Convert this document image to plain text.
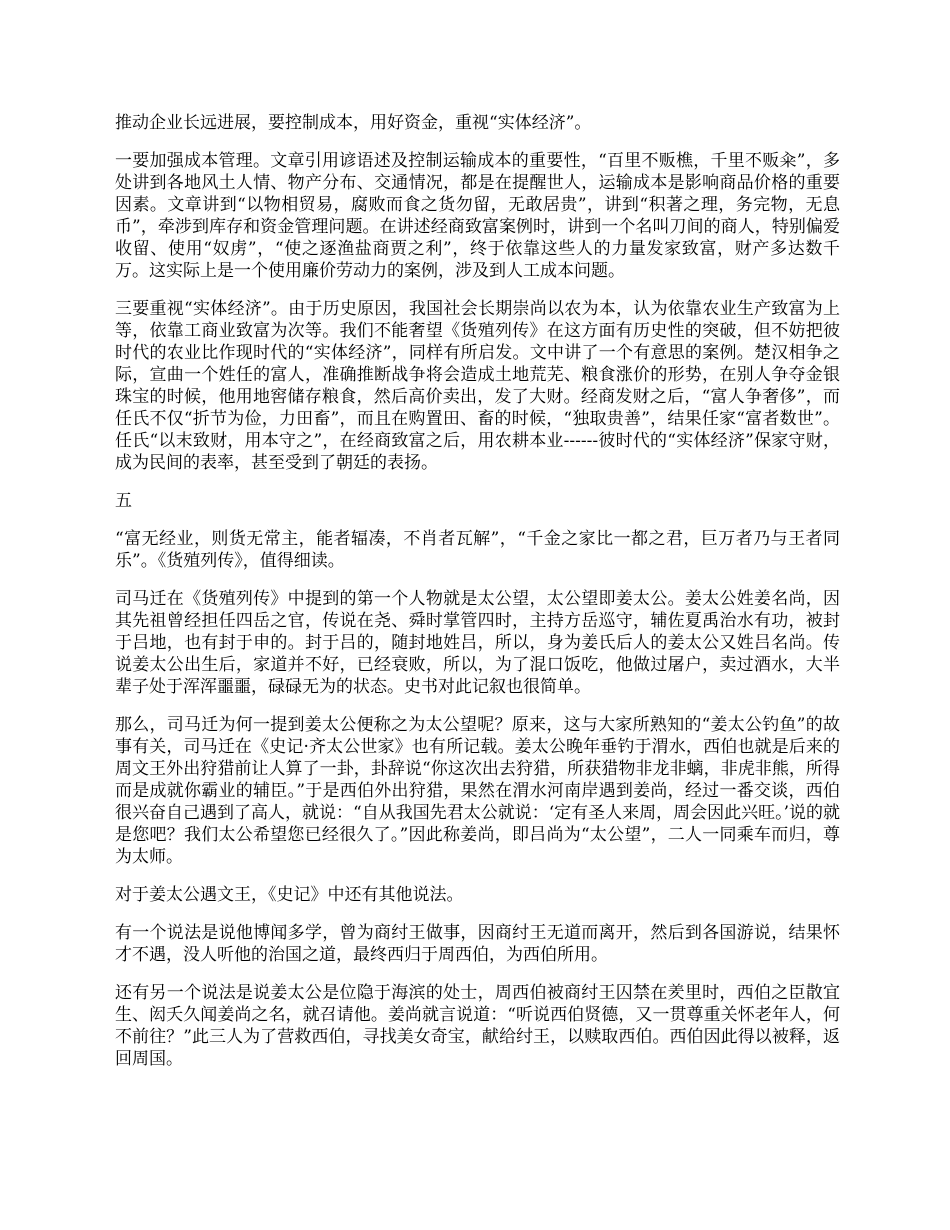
推动企业长远进展，要控制成本，用好资金，重视“实体经济”。

一要加强成本管理。文章引用谚语述及控制运输成本的重要性，“百里不贩樵，千里不贩籴”，多处讲到各地风土人情、物产分布、交通情况，都是在提醒世人，运输成本是影响商品价格的重要因素。文章讲到“以物相贸易，腐败而食之货勿留，无敢居贵”，讲到“积著之理，务完物，无息币”，牵涉到库存和资金管理问题。在讲述经商致富案例时，讲到一个名叫刀间的商人，特别偏爱收留、使用“奴虏”，“使之逐渔盐商贾之利”，终于依靠这些人的力量发家致富，财产多达数千万。这实际上是一个使用廉价劳动力的案例，涉及到人工成本问题。

三要重视“实体经济”。由于历史原因，我国社会长期崇尚以农为本，认为依靠农业生产致富为上等，依靠工商业致富为次等。我们不能奢望《货殖列传》在这方面有历史性的突破，但不妨把彼时代的农业比作现时代的“实体经济”，同样有所启发。文中讲了一个有意思的案例。楚汉相争之际，宣曲一个姓任的富人，准确推断战争将会造成土地荒芜、粮食涨价的形势，在别人争夺金银珠宝的时候，他用地窖储存粮食，然后高价卖出，发了大财。经商发财之后，“富人争奢侈”，而任氏不仅“折节为俭，力田畜”，而且在购置田、畜的时候，“独取贵善”，结果任家“富者数世”。任氏“以末致财，用本守之”，在经商致富之后，用农耕本业------彼时代的“实体经济”保家守财，成为民间的表率，甚至受到了朝廷的表扬。

五

“富无经业，则货无常主，能者辐凑，不肖者瓦解”，“千金之家比一都之君，巨万者乃与王者同乐”。《货殖列传》，值得细读。

司马迁在《货殖列传》中提到的第一个人物就是太公望，太公望即姜太公。姜太公姓姜名尚，因其先祖曾经担任四岳之官，传说在尧、舜时掌管四时，主持方岳巡守，辅佐夏禹治水有功，被封于吕地，也有封于申的。封于吕的，随封地姓吕，所以，身为姜氏后人的姜太公又姓吕名尚。传说姜太公出生后，家道并不好，已经衰败，所以，为了混口饭吃，他做过屠户，卖过酒水，大半辈子处于浑浑噩噩，碌碌无为的状态。史书对此记叙也很简单。

那么，司马迁为何一提到姜太公便称之为太公望呢？原来，这与大家所熟知的“姜太公钓鱼”的故事有关，司马迁在《史记·齐太公世家》也有所记载。姜太公晚年垂钓于渭水，西伯也就是后来的周文王外出狩猎前让人算了一卦，卦辞说“你这次出去狩猎，所获猎物非龙非螭，非虎非熊，所得而是成就你霸业的辅臣。”于是西伯外出狩猎，果然在渭水河南岸遇到姜尚，经过一番交谈，西伯很兴奋自己遇到了高人，就说：“自从我国先君太公就说：‘定有圣人来周，周会因此兴旺。’说的就是您吧？我们太公希望您已经很久了。”因此称姜尚，即吕尚为“太公望”，二人一同乘车而归，尊为太师。

对于姜太公遇文王，《史记》中还有其他说法。

有一个说法是说他博闻多学，曾为商纣王做事，因商纣王无道而离开，然后到各国游说，结果怀才不遇，没人听他的治国之道，最终西归于周西伯，为西伯所用。

还有另一个说法是说姜太公是位隐于海滨的处士，周西伯被商纣王囚禁在羑里时，西伯之臣散宜生、闳夭久闻姜尚之名，就召请他。姜尚就言说道：“听说西伯贤德，又一贯尊重关怀老年人，何不前往？”此三人为了营救西伯，寻找美女奇宝，献给纣王，以赎取西伯。西伯因此得以被释，返回周国。
